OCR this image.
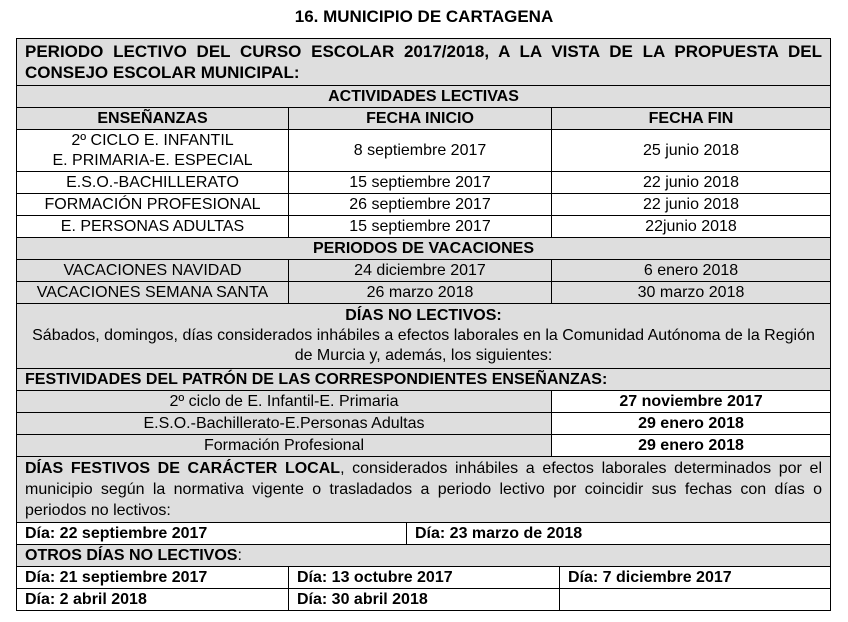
16. MUNICIPIO DE CARTAGENA
PERIODO LECTIVO DEL CURSO ESCOLAR 2017/2018, A LA VISTA DE LA PROPUESTA DEL CONSEJO ESCOLAR MUNICIPAL:				
ACTIVIDADES LECTIVAS				
ENSEÑANZAS	FECHA INICIO		FECHA FIN	

2º CICLO E. INFANTIL
E. PRIMARIA-E. ESPECIAL	8 septiembre 2017		25 junio 2018	
E.S.O.-BACHILLERATO	15 septiembre 2017		22 junio 2018	
FORMACIÓN PROFESIONAL	26 septiembre 2017		22 junio 2018	
E. PERSONAS ADULTAS	15 septiembre 2017		22junio 2018	
PERIODOS DE VACACIONES				
VACACIONES NAVIDAD	24 diciembre 2017		6 enero 2018	
VACACIONES SEMANA SANTA	26 marzo 2018		30 marzo 2018	

DÍAS NO LECTIVOS:
Sábados, domingos, días considerados inhábiles a efectos laborales en la Comunidad Autónoma de la Región de Murcia y, además, los siguientes:				

FESTIVIDADES DEL PATRÓN DE LAS CORRESPONDIENTES ENSEÑANZAS:				
2º ciclo de E. Infantil-E. Primaria			27 noviembre 2017	
E.S.O.-Bachillerato-E.Personas Adultas			29 enero 2018	
Formación Profesional			29 enero 2018	
DÍAS FESTIVOS DE CARÁCTER LOCAL, considerados inhábiles a efectos laborales determinados por el municipio según la normativa vigente o trasladados a periodo lectivo por coincidir sus fechas con días o periodos no lectivos:				
Día: 22 septiembre 2017		Día: 23 marzo de 2018		
OTROS DÍAS NO LECTIVOS:				
Día: 21 septiembre 2017	Día: 13 octubre 2017			Día: 7 diciembre 2017
Día: 2 abril 2018	Día: 30 abril 2018			
